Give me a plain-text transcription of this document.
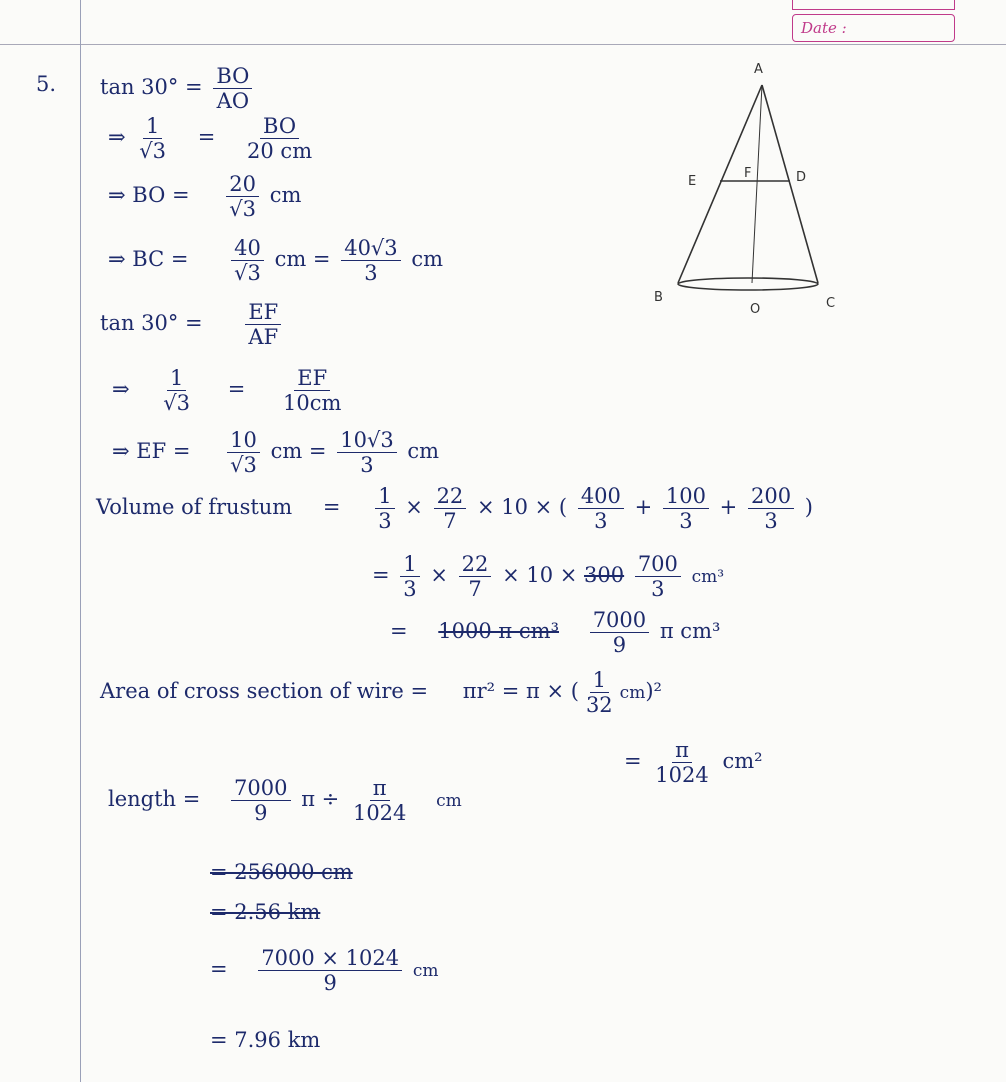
Date :
5. $\tan 30^\circ = \frac{BO}{AO}$
⇒ $\frac{1}{√3} = \frac{BO}{20 cm}$
⇒ BO = $\frac{20}{√3}$ cm
⇒ BC = $\frac{40}{√3}$ cm = $\frac{40√3}{3}$ cm
$\tan 30^\circ = \frac{EF}{AF}$
⇒ $\frac{1}{√3} = \frac{EF}{10cm}$
⇒ EF = $\frac{10}{√3}$ cm = $\frac{10√3}{3}$ cm
Volume of frustum = $\frac{1}{3} \times \frac{22}{7} \times 10$ × ( $\frac{400}{3} + \frac{100}{3} + \frac{200}{3}$ )
= $\frac{1}{3} \times \frac{22}{7} \times 10 \times 300 \frac{700}{3} cm^3$
= 1000 π $cm^3 \frac{7000}{9}$ π cm³
Area of cross section of wire = πr² = π × ( $\frac{1}{32} cm)^2$
= $\frac{\pi}{1024} cm^2$
length = $\frac{7000}{9}$ $\pi \div \frac{\pi}{1024}$ cm
= 256000 cm
= 2.56 km
= $\frac{7000 \times 1024}{9}$ cm
= 7.96 km
A
E
F	D
B
O	C
